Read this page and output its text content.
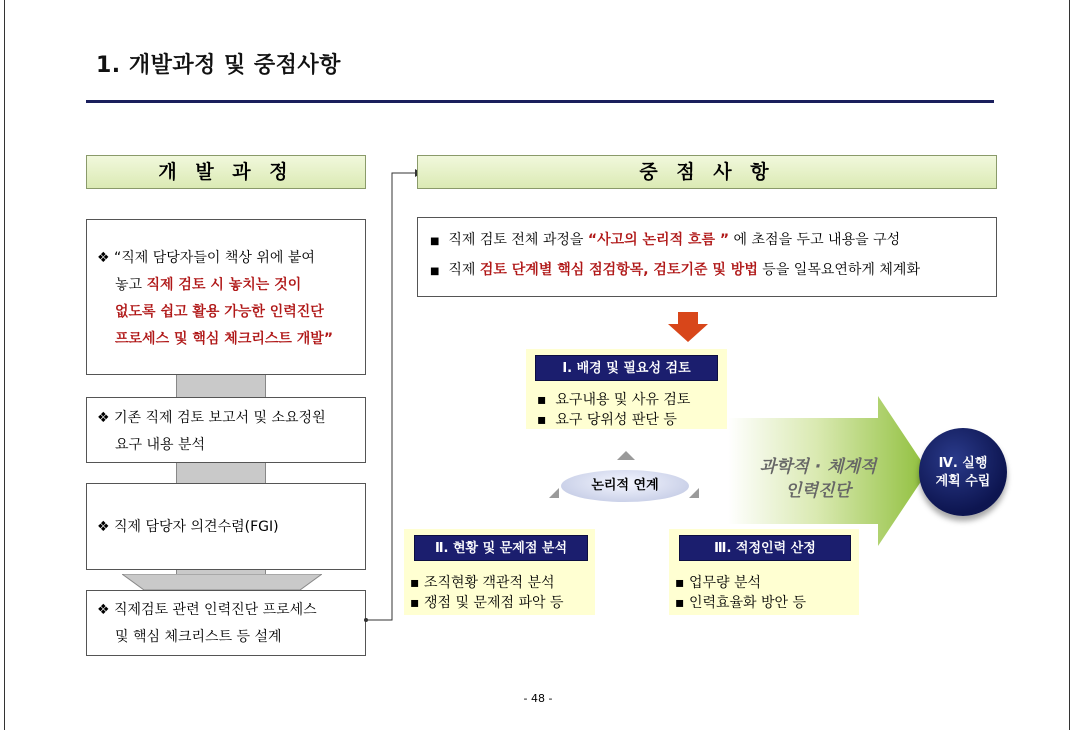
1. 개발과정 및 중점사항
개 발 과 정
❖ “직제 담당자들이 책상 위에 붙여
놓고 직제 검토 시 놓치는 것이
없도록 쉽고 활용 가능한 인력진단
프로세스 및 핵심 체크리스트 개발”
❖ 기존 직제 검토 보고서 및 소요정원
요구 내용 분석
❖ 직제 담당자 의견수렴(FGI)
❖ 직제검토 관련 인력진단 프로세스
및 핵심 체크리스트 등 설계
중 점 사 항
■ 직제 검토 전체 과정을 “사고의 논리적 흐름 ” 에 초점을 두고 내용을 구성
■ 직제 검토 단계별 핵심 점검항목, 검토기준 및 방법 등을 일목요연하게 체계화
과학적 · 체계적
인력진단
Ⅰ. 배경 및 필요성 검토
▪  요구내용 및 사유 검토
▪  요구 당위성 판단 등
논리적 연계
Ⅱ. 현황 및 문제점 분석
▪ 조직현황 객관적 분석
▪ 쟁점 및 문제점 파악 등
Ⅲ. 적정인력 산정
▪ 업무량 분석
▪ 인력효율화 방안 등
Ⅳ. 실행
계획 수립
- 48 -
